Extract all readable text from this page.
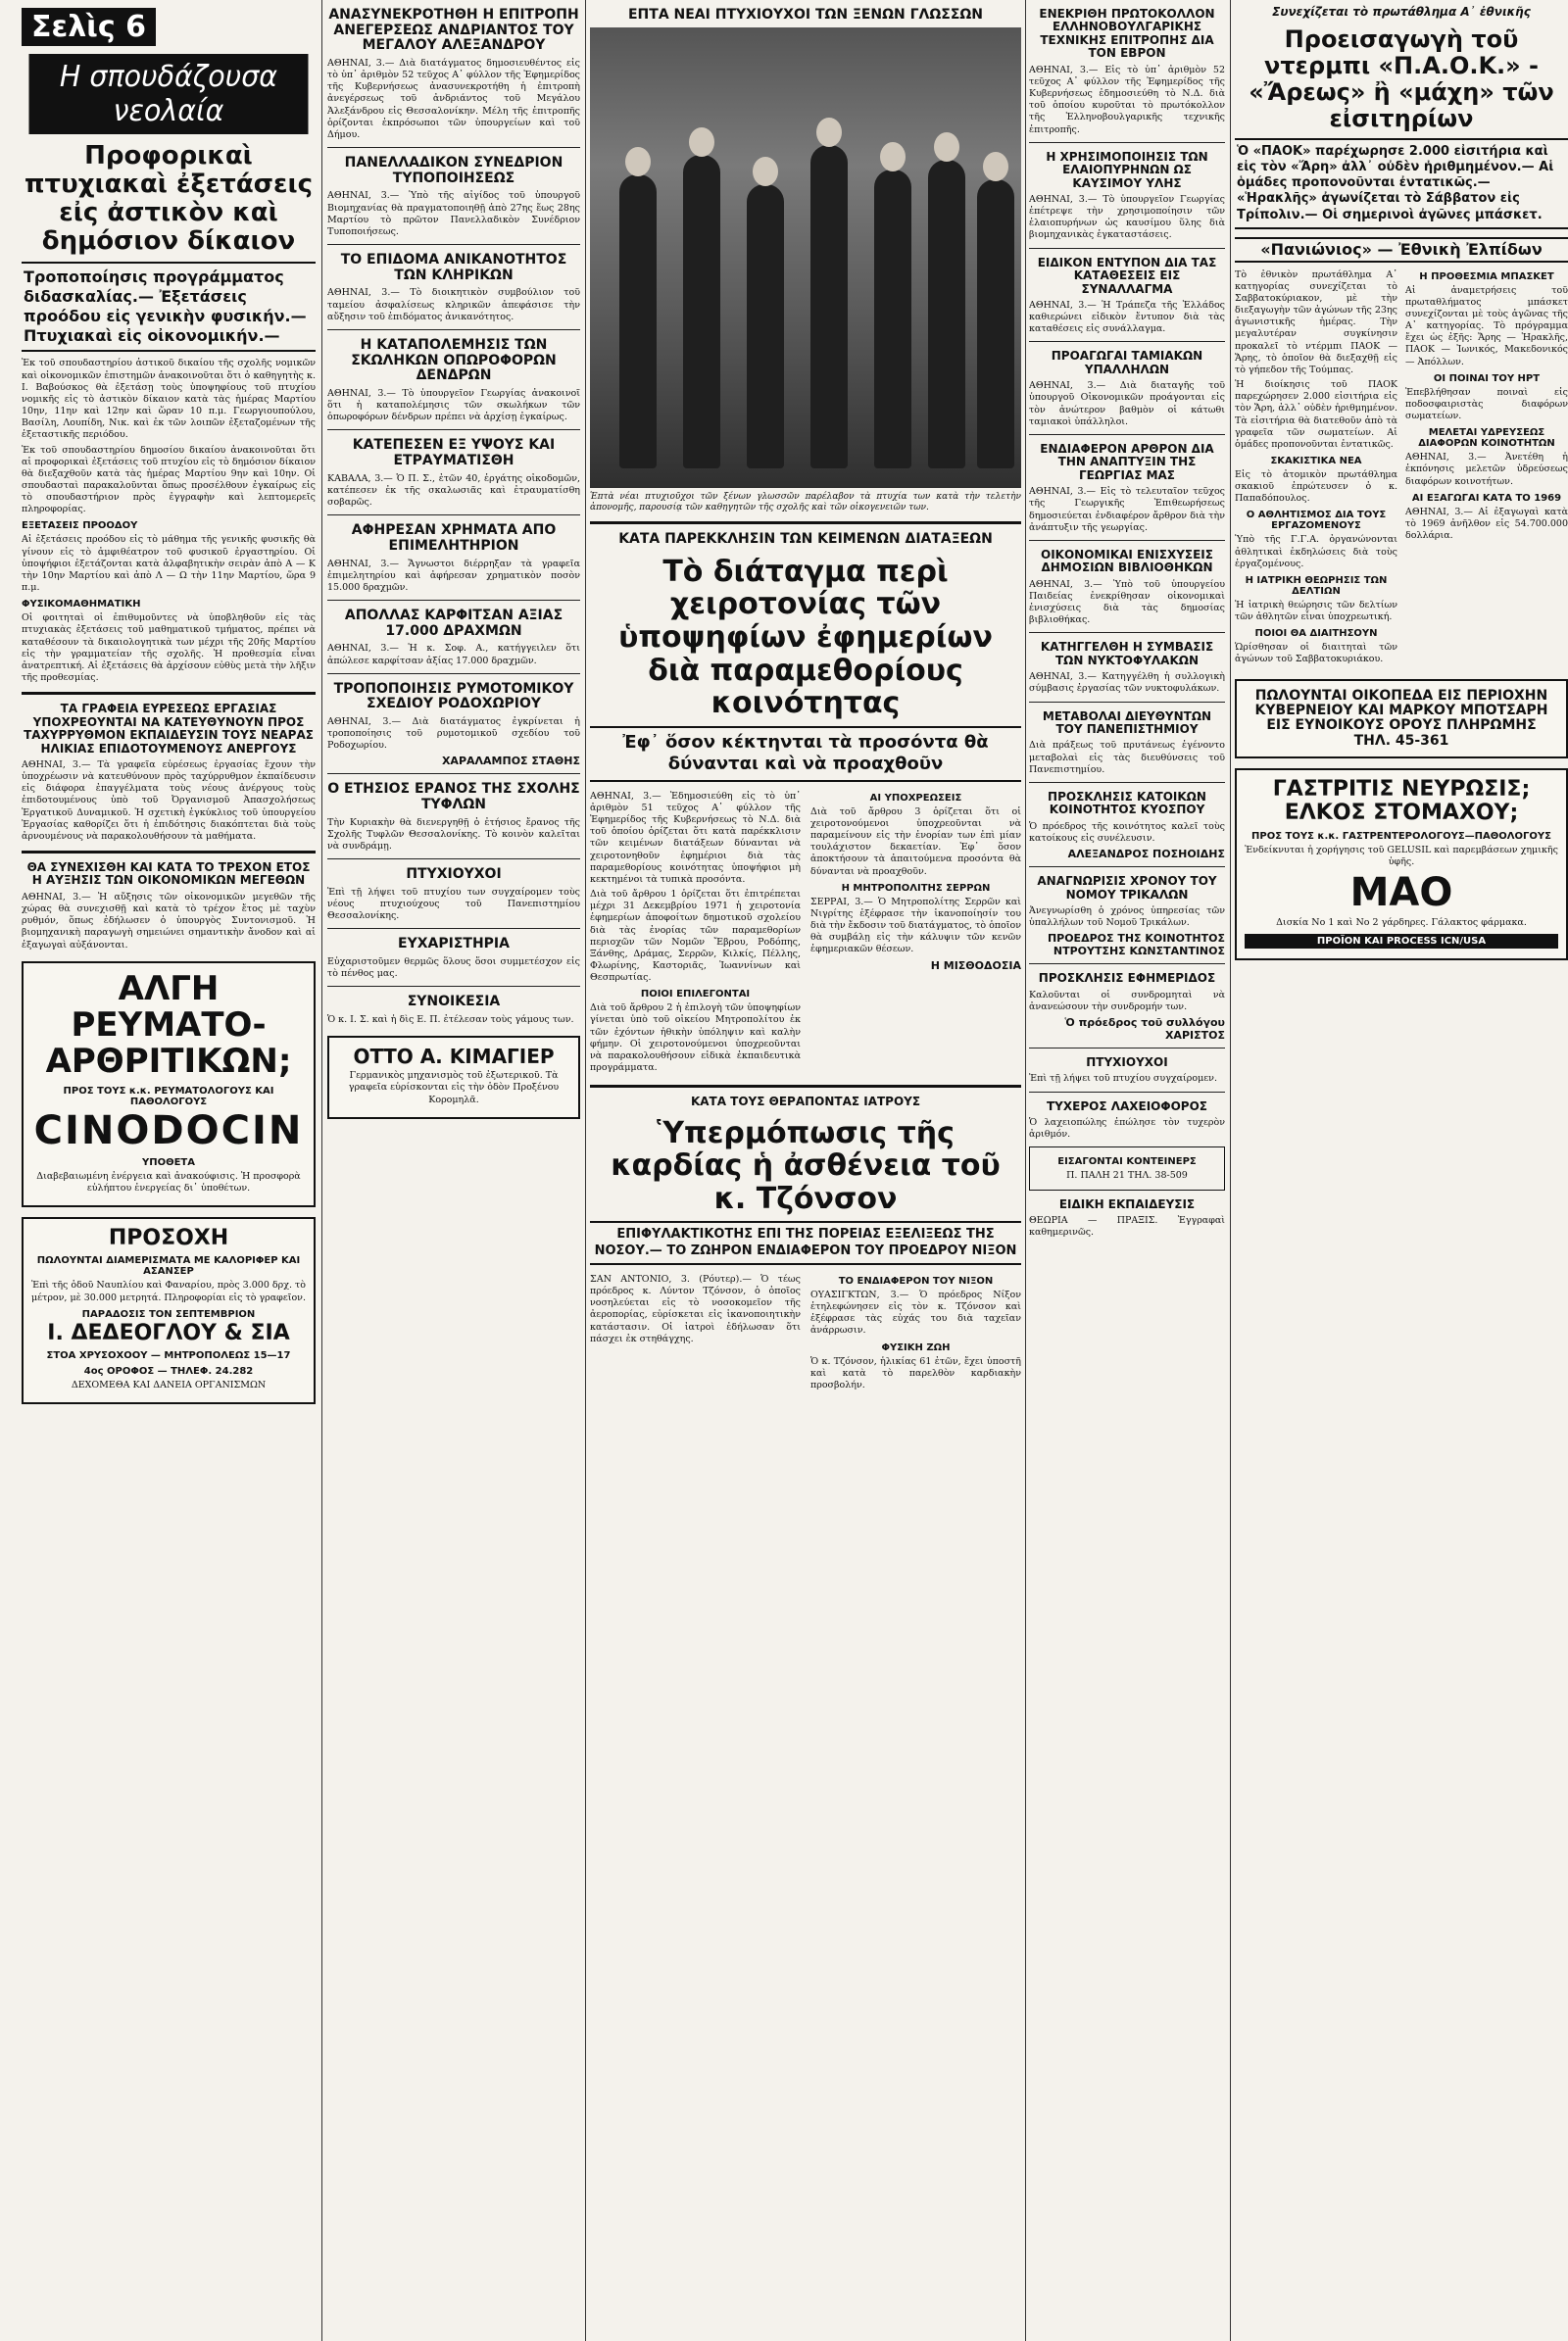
Σελὶς 6
Η σπουδάζουσα νεολαία
Προφορικαὶ πτυχιακαὶ ἐξετάσεις εἰς ἀστικὸν καὶ δημόσιον δίκαιον
Τροποποίησις προγράμματος διδασκαλίας.— Ἐξετάσεις προόδου εἰς γενικὴν φυσικήν.— Πτυχιακαὶ εἰς οἰκονομικήν.—

Ἐκ τοῦ σπουδαστηρίου ἀστικοῦ δικαίου τῆς σχολῆς νομικῶν καὶ οἰκονομικῶν ἐπιστημῶν ἀνακοινοῦται ὅτι ὁ καθηγητὴς κ. Ι. Βαβούσκος θὰ ἐξετάσῃ τοὺς ὑποψηφίους τοῦ πτυχίου νομικῆς εἰς τὸ ἀστικὸν δίκαιον κατὰ τὰς ἡμέρας Μαρτίου 10ην, 11ην καὶ 12ην καὶ ὥραν 10 π.μ. Γεωργιουπούλου, Βασίλη, Λουπίδη, Νικ. καὶ ἐκ τῶν λοιπῶν ἐξεταζομένων τῆς ἐξεταστικῆς περιόδου.

Ἐκ τοῦ σπουδαστηρίου δημοσίου δικαίου ἀνακοινοῦται ὅτι αἱ προφορικαὶ ἐξετάσεις τοῦ πτυχίου εἰς τὸ δημόσιον δίκαιον θὰ διεξαχθοῦν κατὰ τὰς ἡμέρας Μαρτίου 9ην καὶ 10ην. Οἱ σπουδασταὶ παρακαλοῦνται ὅπως προσέλθουν ἐγκαίρως εἰς τὸ σπουδαστήριον πρὸς ἐγγραφὴν καὶ λεπτομερεῖς πληροφορίας.

ΕΞΕΤΑΣΕΙΣ ΠΡΟΟΔΟΥ

Αἱ ἐξετάσεις προόδου εἰς τὸ μάθημα τῆς γενικῆς φυσικῆς θὰ γίνουν εἰς τὸ ἀμφιθέατρον τοῦ φυσικοῦ ἐργαστηρίου. Οἱ ὑποψήφιοι ἐξετάζονται κατὰ ἀλφαβητικὴν σειρὰν ἀπὸ Α — Κ τὴν 10ην Μαρτίου καὶ ἀπὸ Λ — Ω τὴν 11ην Μαρτίου, ὥρα 9 π.μ.

ΦΥΣΙΚΟΜΑΘΗΜΑΤΙΚΗ

Οἱ φοιτηταὶ οἱ ἐπιθυμοῦντες νὰ ὑποβληθοῦν εἰς τὰς πτυχιακὰς ἐξετάσεις τοῦ μαθηματικοῦ τμήματος, πρέπει νὰ καταθέσουν τὰ δικαιολογητικὰ των μέχρι τῆς 20ῆς Μαρτίου εἰς τὴν γραμματείαν τῆς σχολῆς. Ἡ προθεσμία εἶναι ἀνατρεπτική. Αἱ ἐξετάσεις θὰ ἀρχίσουν εὐθὺς μετὰ τὴν λῆξιν τῆς προθεσμίας.

ΤΑ ΓΡΑΦΕΙΑ ΕΥΡΕΣΕΩΣ ΕΡΓΑΣΙΑΣ ΥΠΟΧΡΕΟΥΝΤΑΙ ΝΑ ΚΑΤΕΥΘΥΝΟΥΝ ΠΡΟΣ ΤΑΧΥΡΡΥΘΜΟΝ ΕΚΠΑΙΔΕΥΣΙΝ ΤΟΥΣ ΝΕΑΡΑΣ ΗΛΙΚΙΑΣ ΕΠΙΔΟΤΟΥΜΕΝΟΥΣ ΑΝΕΡΓΟΥΣ

ΑΘΗΝΑΙ, 3.— Τὰ γραφεῖα εὑρέσεως ἐργασίας ἔχουν τὴν ὑποχρέωσιν νὰ κατευθύνουν πρὸς ταχύρρυθμον ἐκπαίδευσιν εἰς διάφορα ἐπαγγέλματα τοὺς νέους ἀνέργους τοὺς ἐπιδοτουμένους ὑπὸ τοῦ Ὀργανισμοῦ Ἀπασχολήσεως Ἐργατικοῦ Δυναμικοῦ. Ἡ σχετικὴ ἐγκύκλιος τοῦ ὑπουργείου Ἐργασίας καθορίζει ὅτι ἡ ἐπιδότησις διακόπτεται διὰ τοὺς ἀρνουμένους νὰ παρακολουθήσουν τὰ μαθήματα.

ΘΑ ΣΥΝΕΧΙΣΘΗ ΚΑΙ ΚΑΤΑ ΤΟ ΤΡΕΧΟΝ ΕΤΟΣ Η ΑΥΞΗΣΙΣ ΤΩΝ ΟΙΚΟΝΟΜΙΚΩΝ ΜΕΓΕΘΩΝ

ΑΘΗΝΑΙ, 3.— Ἡ αὔξησις τῶν οἰκονομικῶν μεγεθῶν τῆς χώρας θὰ συνεχισθῇ καὶ κατὰ τὸ τρέχον ἔτος μὲ ταχὺν ρυθμόν, ὅπως ἐδήλωσεν ὁ ὑπουργὸς Συντονισμοῦ. Ἡ βιομηχανικὴ παραγωγὴ σημειώνει σημαντικὴν ἄνοδον καὶ αἱ ἐξαγωγαὶ αὐξάνονται.

ΑΛΓΗ ΡΕΥΜΑΤΟ-ΑΡΘΡΙΤΙΚΩΝ;
ΠΡΟΣ ΤΟΥΣ κ.κ. ΡΕΥΜΑΤΟΛΟΓΟΥΣ ΚΑΙ ΠΑΘΟΛΟΓΟΥΣ
CINODOCIN
ΥΠΟΘΕΤΑ
Διαβεβαιωμένη ἐνέργεια καὶ ἀνακούφισις. Ἡ προσφορὰ εὐλήπτου ἐνεργείας δι᾽ ὑποθέτων.
ΠΡΟΣΟΧΗ
ΠΩΛΟΥΝΤΑΙ ΔΙΑΜΕΡΙΣΜΑΤΑ ΜΕ ΚΑΛΟΡΙΦΕΡ ΚΑΙ ΑΣΑΝΣΕΡ
Ἐπὶ τῆς ὁδοῦ Ναυπλίου καὶ Φαναρίου, πρὸς 3.000 δρχ. τὸ μέτρον, μὲ 30.000 μετρητά. Πληροφορίαι εἰς τὸ γραφεῖον.
ΠΑΡΑΔΟΣΙΣ ΤΟΝ ΣΕΠΤΕΜΒΡΙΟΝ
Ι. ΔΕΔΕΟΓΛΟΥ & ΣΙΑ
ΣΤΟΑ ΧΡΥΣΟΧΟΟΥ — ΜΗΤΡΟΠΟΛΕΩΣ 15—17
4ος ΟΡΟΦΟΣ — ΤΗΛΕΦ. 24.282
ΔΕΧΟΜΕΘΑ ΚΑΙ ΔΑΝΕΙΑ ΟΡΓΑΝΙΣΜΩΝ
ΑΝΑΣΥΝΕΚΡΟΤΗΘΗ Η ΕΠΙΤΡΟΠΗ ΑΝΕΓΕΡΣΕΩΣ ΑΝΔΡΙΑΝΤΟΣ ΤΟΥ ΜΕΓΑΛΟΥ ΑΛΕΞΑΝΔΡΟΥ

ΑΘΗΝΑΙ, 3.— Διὰ διατάγματος δημοσιευθέντος εἰς τὸ ὑπ᾽ ἀριθμὸν 52 τεῦχος Α᾽ φύλλον τῆς Ἐφημερίδος τῆς Κυβερνήσεως ἀνασυνεκροτήθη ἡ ἐπιτροπὴ ἀνεγέρσεως τοῦ ἀνδριάντος τοῦ Μεγάλου Ἀλεξάνδρου εἰς Θεσσαλονίκην. Μέλη τῆς ἐπιτροπῆς ὁρίζονται ἐκπρόσωποι τῶν ὑπουργείων καὶ τοῦ Δήμου.

ΠΑΝΕΛΛΑΔΙΚΟΝ ΣΥΝΕΔΡΙΟΝ ΤΥΠΟΠΟΙΗΣΕΩΣ

ΑΘΗΝΑΙ, 3.— Ὑπὸ τῆς αἰγίδος τοῦ ὑπουργοῦ Βιομηχανίας θὰ πραγματοποιηθῇ ἀπὸ 27ης ἕως 28ης Μαρτίου τὸ πρῶτον Πανελλαδικὸν Συνέδριον Τυποποιήσεως.

ΤΟ ΕΠΙΔΟΜΑ ΑΝΙΚΑΝΟΤΗΤΟΣ ΤΩΝ ΚΛΗΡΙΚΩΝ

ΑΘΗΝΑΙ, 3.— Τὸ διοικητικὸν συμβούλιον τοῦ ταμείου ἀσφαλίσεως κληρικῶν ἀπεφάσισε τὴν αὔξησιν τοῦ ἐπιδόματος ἀνικανότητος.

Η ΚΑΤΑΠΟΛΕΜΗΣΙΣ ΤΩΝ ΣΚΩΛΗΚΩΝ ΟΠΩΡΟΦΟΡΩΝ ΔΕΝΔΡΩΝ

ΑΘΗΝΑΙ, 3.— Τὸ ὑπουργεῖον Γεωργίας ἀνακοινοῖ ὅτι ἡ καταπολέμησις τῶν σκωλήκων τῶν ὀπωροφόρων δένδρων πρέπει νὰ ἀρχίσῃ ἐγκαίρως.

ΚΑΤΕΠΕΣΕΝ ΕΞ ΥΨΟΥΣ ΚΑΙ ΕΤΡΑΥΜΑΤΙΣΘΗ

ΚΑΒΑΛΑ, 3.— Ὁ Π. Σ., ἐτῶν 40, ἐργάτης οἰκοδομῶν, κατέπεσεν ἐκ τῆς σκαλωσιᾶς καὶ ἐτραυματίσθη σοβαρῶς.

ΑΦΗΡΕΣΑΝ ΧΡΗΜΑΤΑ ΑΠΟ ΕΠΙΜΕΛΗΤΗΡΙΟΝ

ΑΘΗΝΑΙ, 3.— Ἄγνωστοι διέρρηξαν τὰ γραφεῖα ἐπιμελητηρίου καὶ ἀφήρεσαν χρηματικὸν ποσὸν 15.000 δραχμῶν.

ΑΠΟΛΛΑΣ ΚΑΡΦΙΤΣΑΝ ΑΞΙΑΣ 17.000 ΔΡΑΧΜΩΝ

ΑΘΗΝΑΙ, 3.— Ἡ κ. Σοφ. Α., κατήγγειλεν ὅτι ἀπώλεσε καρφίτσαν ἀξίας 17.000 δραχμῶν.

ΤΡΟΠΟΠΟΙΗΣΙΣ ΡΥΜΟΤΟΜΙΚΟΥ ΣΧΕΔΙΟΥ ΡΟΔΟΧΩΡΙΟΥ

ΑΘΗΝΑΙ, 3.— Διὰ διατάγματος ἐγκρίνεται ἡ τροποποίησις τοῦ ρυμοτομικοῦ σχεδίου τοῦ Ροδοχωρίου.

ΧΑΡΑΛΑΜΠΟΣ ΣΤΑΘΗΣ
Ο ΕΤΗΣΙΟΣ ΕΡΑΝΟΣ ΤΗΣ ΣΧΟΛΗΣ ΤΥΦΛΩΝ

Τὴν Κυριακὴν θὰ διενεργηθῇ ὁ ἐτήσιος ἔρανος τῆς Σχολῆς Τυφλῶν Θεσσαλονίκης. Τὸ κοινὸν καλεῖται νὰ συνδράμῃ.

ΠΤΥΧΙΟΥΧΟΙ

Ἐπὶ τῇ λήψει τοῦ πτυχίου των συγχαίρομεν τοὺς νέους πτυχιούχους τοῦ Πανεπιστημίου Θεσσαλονίκης.

ΕΥΧΑΡΙΣΤΗΡΙΑ

Εὐχαριστοῦμεν θερμῶς ὅλους ὅσοι συμμετέσχον εἰς τὸ πένθος μας.

ΣΥΝΟΙΚΕΣΙΑ

Ὁ κ. Ι. Σ. καὶ ἡ δὶς Ε. Π. ἐτέλεσαν τοὺς γάμους των.

ΟΤΤΟ Α. ΚΙΜΑΓΙΕΡ
Γερμανικὸς μηχανισμὸς τοῦ ἐξωτερικοῦ. Τὰ γραφεῖα εὑρίσκονται εἰς τὴν ὁδὸν Προξένου Κορομηλᾶ.
ΕΠΤΑ ΝΕΑΙ ΠΤΥΧΙΟΥΧΟΙ ΤΩΝ ΞΕΝΩΝ ΓΛΩΣΣΩΝ

Ἑπτὰ νέαι πτυχιοῦχοι τῶν ξένων γλωσσῶν παρέλαβον τὰ πτυχία των κατὰ τὴν τελετὴν ἀπονομῆς, παρουσίᾳ τῶν καθηγητῶν τῆς σχολῆς καὶ τῶν οἰκογενειῶν των.

ΚΑΤΑ ΠΑΡΕΚΚΛΗΣΙΝ ΤΩΝ ΚΕΙΜΕΝΩΝ ΔΙΑΤΑΞΕΩΝ
Τὸ διάταγμα περὶ χειροτονίας τῶν ὑποψηφίων ἐφημερίων διὰ παραμεθορίους κοινότητας
Ἐφ᾽ ὅσον κέκτηνται τὰ προσόντα θὰ δύνανται καὶ νὰ προαχθοῦν

ΑΘΗΝΑΙ, 3.— Ἐδημοσιεύθη εἰς τὸ ὑπ᾽ ἀριθμὸν 51 τεῦχος Α᾽ φύλλον τῆς Ἐφημερίδος τῆς Κυβερνήσεως τὸ Ν.Δ. διὰ τοῦ ὁποίου ὁρίζεται ὅτι κατὰ παρέκκλισιν τῶν κειμένων διατάξεων δύνανται νὰ χειροτονηθοῦν ἐφημέριοι διὰ τὰς παραμεθορίους κοινότητας ὑποψήφιοι μὴ κεκτημένοι τὰ τυπικὰ προσόντα.

Διὰ τοῦ ἄρθρου 1 ὁρίζεται ὅτι ἐπιτρέπεται μέχρι 31 Δεκεμβρίου 1971 ἡ χειροτονία ἐφημερίων ἀποφοίτων δημοτικοῦ σχολείου διὰ τὰς ἐνορίας τῶν παραμεθορίων περιοχῶν τῶν Νομῶν Ἔβρου, Ροδόπης, Ξάνθης, Δράμας, Σερρῶν, Κιλκίς, Πέλλης, Φλωρίνης, Καστοριᾶς, Ἰωαννίνων καὶ Θεσπρωτίας.

ΠΟΙΟΙ ΕΠΙΛΕΓΟΝΤΑΙ

Διὰ τοῦ ἄρθρου 2 ἡ ἐπιλογὴ τῶν ὑποψηφίων γίνεται ὑπὸ τοῦ οἰκείου Μητροπολίτου ἐκ τῶν ἐχόντων ἠθικὴν ὑπόληψιν καὶ καλὴν φήμην. Οἱ χειροτονούμενοι ὑποχρεοῦνται νὰ παρακολουθήσουν εἰδικὰ ἐκπαιδευτικὰ προγράμματα.

ΑΙ ΥΠΟΧΡΕΩΣΕΙΣ

Διὰ τοῦ ἄρθρου 3 ὁρίζεται ὅτι οἱ χειροτονούμενοι ὑποχρεοῦνται νὰ παραμείνουν εἰς τὴν ἐνορίαν των ἐπὶ μίαν τουλάχιστον δεκαετίαν. Ἐφ᾽ ὅσον ἀποκτήσουν τὰ ἀπαιτούμενα προσόντα θὰ δύνανται νὰ προαχθοῦν.

Η ΜΗΤΡΟΠΟΛΙΤΗΣ ΣΕΡΡΩΝ

ΣΕΡΡΑΙ, 3.— Ὁ Μητροπολίτης Σερρῶν καὶ Νιγρίτης ἐξέφρασε τὴν ἱκανοποίησίν του διὰ τὴν ἔκδοσιν τοῦ διατάγματος, τὸ ὁποῖον θὰ συμβάλῃ εἰς τὴν κάλυψιν τῶν κενῶν ἐφημεριακῶν θέσεων.

Η ΜΙΣΘΟΔΟΣΙΑ
ΚΑΤΑ ΤΟΥΣ ΘΕΡΑΠΟΝΤΑΣ ΙΑΤΡΟΥΣ
Ὑπερμόπωσις τῆς καρδίας ἡ ἀσθένεια τοῦ κ. Τζόνσον
ΕΠΙΦΥΛΑΚΤΙΚΟΤΗΣ ΕΠΙ ΤΗΣ ΠΟΡΕΙΑΣ ΕΞΕΛΙΞΕΩΣ ΤΗΣ ΝΟΣΟΥ.— ΤΟ ΖΩΗΡΟΝ ΕΝΔΙΑΦΕΡΟΝ ΤΟΥ ΠΡΟΕΔΡΟΥ ΝΙΞΟΝ

ΣΑΝ ΑΝΤΟΝΙΟ, 3. (Ρόυτερ).— Ὁ τέως πρόεδρος κ. Λύντον Τζόνσον, ὁ ὁποῖος νοσηλεύεται εἰς τὸ νοσοκομεῖον τῆς ἀεροπορίας, εὑρίσκεται εἰς ἱκανοποιητικὴν κατάστασιν. Οἱ ἰατροὶ ἐδήλωσαν ὅτι πάσχει ἐκ στηθάγχης.

ΤΟ ΕΝΔΙΑΦΕΡΟΝ ΤΟΥ ΝΙΞΟΝ

ΟΥΑΣΙΓΚΤΩΝ, 3.— Ὁ πρόεδρος Νίξον ἐτηλεφώνησεν εἰς τὸν κ. Τζόνσον καὶ ἐξέφρασε τὰς εὐχάς του διὰ ταχεῖαν ἀνάρρωσιν.

ΦΥΣΙΚΗ ΖΩΗ

Ὁ κ. Τζόνσον, ἡλικίας 61 ἐτῶν, ἔχει ὑποστῆ καὶ κατὰ τὸ παρελθὸν καρδιακὴν προσβολήν.

ΕΝΕΚΡΙΘΗ ΠΡΩΤΟΚΟΛΛΟΝ ΕΛΛΗΝΟΒΟΥΛΓΑΡΙΚΗΣ ΤΕΧΝΙΚΗΣ ΕΠΙΤΡΟΠΗΣ ΔΙΑ ΤΟΝ ΕΒΡΟΝ

ΑΘΗΝΑΙ, 3.— Εἰς τὸ ὑπ᾽ ἀριθμὸν 52 τεῦχος Α᾽ φύλλον τῆς Ἐφημερίδος τῆς Κυβερνήσεως ἐδημοσιεύθη τὸ Ν.Δ. διὰ τοῦ ὁποίου κυροῦται τὸ πρωτόκολλον τῆς Ἑλληνοβουλγαρικῆς τεχνικῆς ἐπιτροπῆς.

Η ΧΡΗΣΙΜΟΠΟΙΗΣΙΣ ΤΩΝ ΕΛΑΙΟΠΥΡΗΝΩΝ ΩΣ ΚΑΥΣΙΜΟΥ ΥΛΗΣ

ΑΘΗΝΑΙ, 3.— Τὸ ὑπουργεῖον Γεωργίας ἐπέτρεψε τὴν χρησιμοποίησιν τῶν ἐλαιοπυρήνων ὡς καυσίμου ὕλης διὰ βιομηχανικὰς ἐγκαταστάσεις.

ΕΙΔΙΚΟΝ ΕΝΤΥΠΟΝ ΔΙΑ ΤΑΣ ΚΑΤΑΘΕΣΕΙΣ ΕΙΣ ΣΥΝΑΛΛΑΓΜΑ

ΑΘΗΝΑΙ, 3.— Ἡ Τράπεζα τῆς Ἑλλάδος καθιερώνει εἰδικὸν ἔντυπον διὰ τὰς καταθέσεις εἰς συνάλλαγμα.

ΠΡΟΑΓΩΓΑΙ ΤΑΜΙΑΚΩΝ ΥΠΑΛΛΗΛΩΝ

ΑΘΗΝΑΙ, 3.— Διὰ διαταγῆς τοῦ ὑπουργοῦ Οἰκονομικῶν προάγονται εἰς τὸν ἀνώτερον βαθμὸν οἱ κάτωθι ταμιακοὶ ὑπάλληλοι.

ΕΝΔΙΑΦΕΡΟΝ ΑΡΘΡΟΝ ΔΙΑ ΤΗΝ ΑΝΑΠΤΥΞΙΝ ΤΗΣ ΓΕΩΡΓΙΑΣ ΜΑΣ

ΑΘΗΝΑΙ, 3.— Εἰς τὸ τελευταῖον τεῦχος τῆς Γεωργικῆς Ἐπιθεωρήσεως δημοσιεύεται ἐνδιαφέρον ἄρθρον διὰ τὴν ἀνάπτυξιν τῆς γεωργίας.

ΟΙΚΟΝΟΜΙΚΑΙ ΕΝΙΣΧΥΣΕΙΣ ΔΗΜΟΣΙΩΝ ΒΙΒΛΙΟΘΗΚΩΝ

ΑΘΗΝΑΙ, 3.— Ὑπὸ τοῦ ὑπουργείου Παιδείας ἐνεκρίθησαν οἰκονομικαὶ ἐνισχύσεις διὰ τὰς δημοσίας βιβλιοθήκας.

ΚΑΤΗΓΓΕΛΘΗ Η ΣΥΜΒΑΣΙΣ ΤΩΝ ΝΥΚΤΟΦΥΛΑΚΩΝ

ΑΘΗΝΑΙ, 3.— Κατηγγέλθη ἡ συλλογικὴ σύμβασις ἐργασίας τῶν νυκτοφυλάκων.

ΜΕΤΑΒΟΛΑΙ ΔΙΕΥΘΥΝΤΩΝ ΤΟΥ ΠΑΝΕΠΙΣΤΗΜΙΟΥ

Διὰ πράξεως τοῦ πρυτάνεως ἐγένοντο μεταβολαὶ εἰς τὰς διευθύνσεις τοῦ Πανεπιστημίου.

ΠΡΟΣΚΛΗΣΙΣ ΚΑΤΟΙΚΩΝ ΚΟΙΝΟΤΗΤΟΣ ΚΥΟΣΠΟΥ

Ὁ πρόεδρος τῆς κοινότητος καλεῖ τοὺς κατοίκους εἰς συνέλευσιν.

ΑΛΕΞΑΝΔΡΟΣ ΠΟΣΗΟΙΔΗΣ
ΑΝΑΓΝΩΡΙΣΙΣ ΧΡΟΝΟΥ ΤΟΥ ΝΟΜΟΥ ΤΡΙΚΑΛΩΝ

Ἀνεγνωρίσθη ὁ χρόνος ὑπηρεσίας τῶν ὑπαλλήλων τοῦ Νομοῦ Τρικάλων.

ΠΡΟΕΔΡΟΣ ΤΗΣ ΚΟΙΝΟΤΗΤΟΣ ΝΤΡΟΥΤΣΗΣ ΚΩΝΣΤΑΝΤΙΝΟΣ
ΠΡΟΣΚΛΗΣΙΣ ΕΦΗΜΕΡΙΔΟΣ

Καλοῦνται οἱ συνδρομηταὶ νὰ ἀνανεώσουν τὴν συνδρομήν των.

Ὁ πρόεδρος τοῦ συλλόγου ΧΑΡΙΣΤΟΣ
ΠΤΥΧΙΟΥΧΟΙ

Ἐπὶ τῇ λήψει τοῦ πτυχίου συγχαίρομεν.

ΤΥΧΕΡΟΣ ΛΑΧΕΙΟΦΟΡΟΣ

Ὁ λαχειοπώλης ἐπώλησε τὸν τυχερὸν ἀριθμόν.

ΕΙΣΑΓΟΝΤΑΙ ΚΟΝΤΕΙΝΕΡΣ
Π. ΠΑΛΗ 21 ΤΗΛ. 38-509
ΕΙΔΙΚΗ ΕΚΠΑΙΔΕΥΣΙΣ

ΘΕΩΡΙΑ — ΠΡΑΞΙΣ. Ἐγγραφαὶ καθημερινῶς.

Συνεχίζεται τὸ πρωτάθλημα Α᾽ ἐθνικῆς
Προεισαγωγὴ τοῦ ντερμπι «Π.Α.Ο.Κ.» - «Ἄρεως» ἢ «μάχη» τῶν εἰσιτηρίων
Ὁ «ΠΑΟΚ» παρέχωρησε 2.000 εἰσιτήρια καὶ εἰς τὸν «Ἄρη» ἀλλ᾽ οὐδὲν ἠριθμημένον.— Αἱ ὁμάδες προπονοῦνται ἐντατικῶς.— «Ἡρακλῆς» ἀγωνίζεται τὸ Σάββατον εἰς Τρίπολιν.— Οἱ σημερινοὶ ἀγῶνες μπάσκετ.
«Πανιώνιος» — Ἐθνικὴ Ἐλπίδων

Τὸ ἐθνικὸν πρωτάθλημα Α᾽ κατηγορίας συνεχίζεται τὸ Σαββατοκύριακον, μὲ τὴν διεξαγωγὴν τῶν ἀγώνων τῆς 23ης ἀγωνιστικῆς ἡμέρας. Τὴν μεγαλυτέραν συγκίνησιν προκαλεῖ τὸ ντέρμπι ΠΑΟΚ — Ἄρης, τὸ ὁποῖον θὰ διεξαχθῇ εἰς τὸ γήπεδον τῆς Τούμπας.

Ἡ διοίκησις τοῦ ΠΑΟΚ παρεχώρησεν 2.000 εἰσιτήρια εἰς τὸν Ἄρη, ἀλλ᾽ οὐδὲν ἠριθμημένον. Τὰ εἰσιτήρια θὰ διατεθοῦν ἀπὸ τὰ γραφεῖα τῶν σωματείων. Αἱ ὁμάδες προπονοῦνται ἐντατικῶς.

ΣΚΑΚΙΣΤΙΚΑ ΝΕΑ

Εἰς τὸ ἀτομικὸν πρωτάθλημα σκακιοῦ ἐπρώτευσεν ὁ κ. Παπαδόπουλος.

Ο ΑΘΛΗΤΙΣΜΟΣ ΔΙΑ ΤΟΥΣ ΕΡΓΑΖΟΜΕΝΟΥΣ

Ὑπὸ τῆς Γ.Γ.Α. ὀργανώνονται ἀθλητικαὶ ἐκδηλώσεις διὰ τοὺς ἐργαζομένους.

Η ΙΑΤΡΙΚΗ ΘΕΩΡΗΣΙΣ ΤΩΝ ΔΕΛΤΙΩΝ

Ἡ ἰατρικὴ θεώρησις τῶν δελτίων τῶν ἀθλητῶν εἶναι ὑποχρεωτική.

ΠΟΙΟΙ ΘΑ ΔΙΑΙΤΗΣΟΥΝ

Ὡρίσθησαν οἱ διαιτηταὶ τῶν ἀγώνων τοῦ Σαββατοκυριάκου.

Η ΠΡΟΘΕΣΜΙΑ ΜΠΑΣΚΕΤ

Αἱ ἀναμετρήσεις τοῦ πρωταθλήματος μπάσκετ συνεχίζονται μὲ τοὺς ἀγῶνας τῆς Α᾽ κατηγορίας. Τὸ πρόγραμμα ἔχει ὡς ἑξῆς: Ἄρης — Ἡρακλῆς, ΠΑΟΚ — Ἰωνικός, Μακεδονικός — Ἀπόλλων.

ΟΙ ΠΟΙΝΑΙ ΤΟΥ ΗΡΤ

Ἐπεβλήθησαν ποιναὶ εἰς ποδοσφαιριστὰς διαφόρων σωματείων.

ΜΕΛΕΤΑΙ ΥΔΡΕΥΣΕΩΣ ΔΙΑΦΟΡΩΝ ΚΟΙΝΟΤΗΤΩΝ

ΑΘΗΝΑΙ, 3.— Ἀνετέθη ἡ ἐκπόνησις μελετῶν ὑδρεύσεως διαφόρων κοινοτήτων.

ΑΙ ΕΞΑΓΩΓΑΙ ΚΑΤΑ ΤΟ 1969

ΑΘΗΝΑΙ, 3.— Αἱ ἐξαγωγαὶ κατὰ τὸ 1969 ἀνῆλθον εἰς 54.700.000 δολλάρια.

ΠΩΛΟΥΝΤΑΙ ΟΙΚΟΠΕΔΑ ΕΙΣ ΠΕΡΙΟΧΗΝ ΚΥΒΕΡΝΕΙΟΥ ΚΑΙ ΜΑΡΚΟΥ ΜΠΟΤΣΑΡΗ ΕΙΣ ΕΥΝΟΙΚΟΥΣ ΟΡΟΥΣ ΠΛΗΡΩΜΗΣ
ΤΗΛ. 45-361
ΓΑΣΤΡΙΤΙΣ ΝΕΥΡΩΣΙΣ; ΕΛΚΟΣ ΣΤΟΜΑΧΟΥ;
ΠΡΟΣ ΤΟΥΣ κ.κ. ΓΑΣΤΡΕΝΤΕΡΟΛΟΓΟΥΣ—ΠΑΘΟΛΟΓΟΥΣ
Ἐνδείκνυται ἡ χορήγησις τοῦ GELUSIL καὶ παρεμβάσεων χημικῆς ὑφῆς.
ΜΑΟ
Δισκία No 1 καὶ No 2 γάρδηρες. Γάλακτος φάρμακα.
ΠΡΟΪΟΝ ΚΑΙ PROCESS ICN/USA
